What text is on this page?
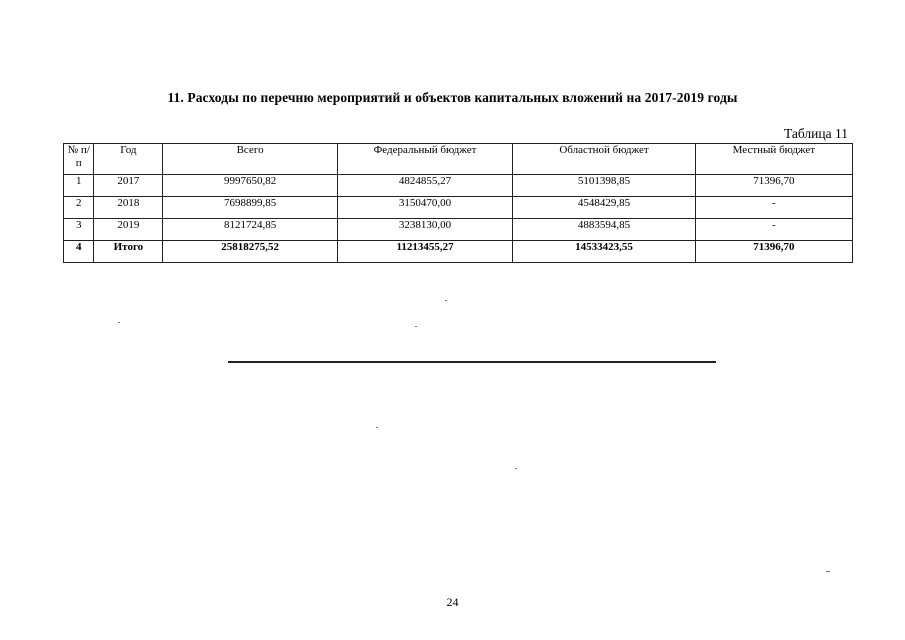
11. Расходы по перечню мероприятий и объектов капитальных вложений на 2017-2019 годы
Таблица 11
№ п/п	Год	Всего	Федеральный бюджет	Областной бюджет	Местный бюджет
1	2017	9997650,82	4824855,27	5101398,85	71396,70
2	2018	7698899,85	3150470,00	4548429,85	-
3	2019	8121724,85	3238130,00	4883594,85	-
4	Итого	25818275,52	11213455,27	14533423,55	71396,70
24
